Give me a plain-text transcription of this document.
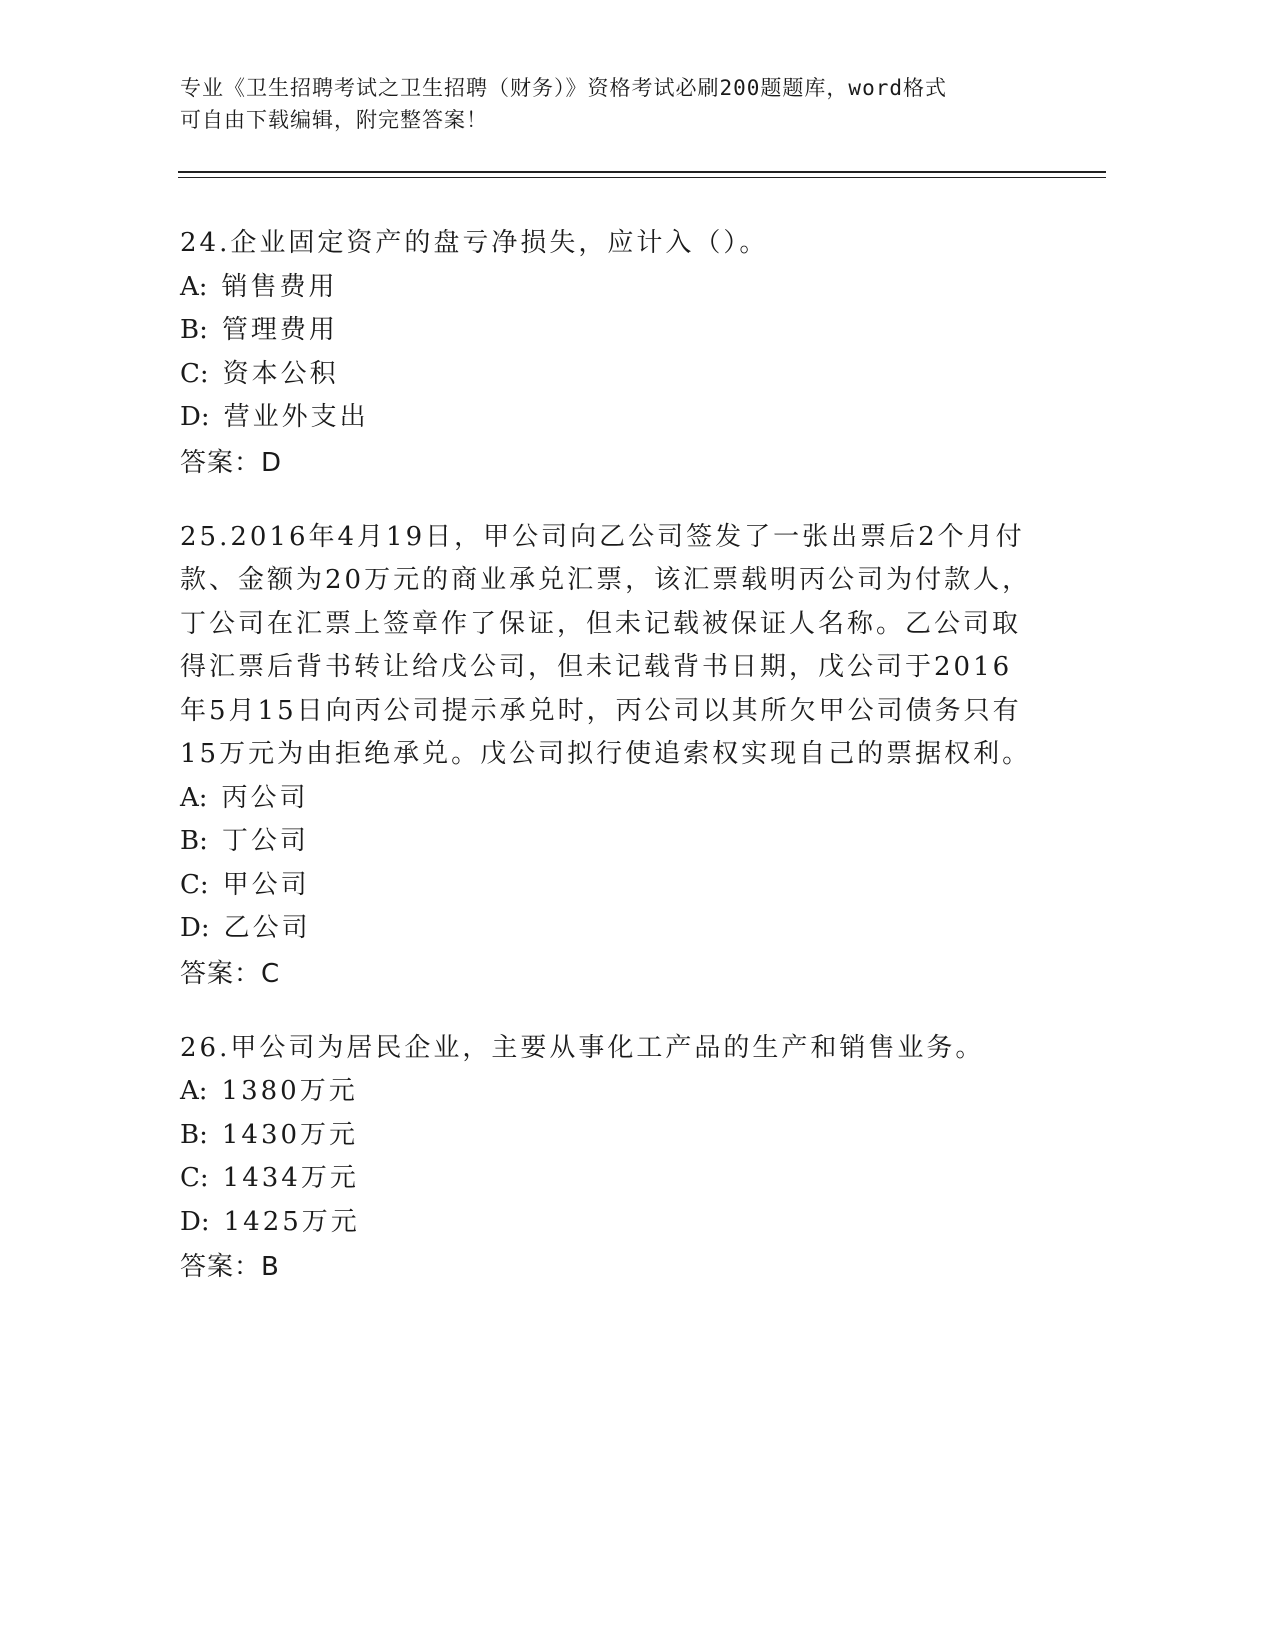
专业《卫生招聘考试之卫生招聘（财务）》资格考试必刷200题题库，word格式
可自由下载编辑，附完整答案！

24.企业固定资产的盘亏净损失，应计入（）。

A: 销售费用
B: 管理费用
C: 资本公积
D: 营业外支出
答案：D

25.2016年4月19日，甲公司向乙公司签发了一张出票后2个月付款、金额为20万元的商业承兑汇票，该汇票载明丙公司为付款人，丁公司在汇票上签章作了保证，但未记载被保证人名称。乙公司取得汇票后背书转让给戊公司，但未记载背书日期，戊公司于2016年5月15日向丙公司提示承兑时，丙公司以其所欠甲公司债务只有15万元为由拒绝承兑。戊公司拟行使追索权实现自己的票据权利。

A: 丙公司
B: 丁公司
C: 甲公司
D: 乙公司
答案：C

26.甲公司为居民企业，主要从事化工产品的生产和销售业务。

A: 1380万元
B: 1430万元
C: 1434万元
D: 1425万元
答案：B
